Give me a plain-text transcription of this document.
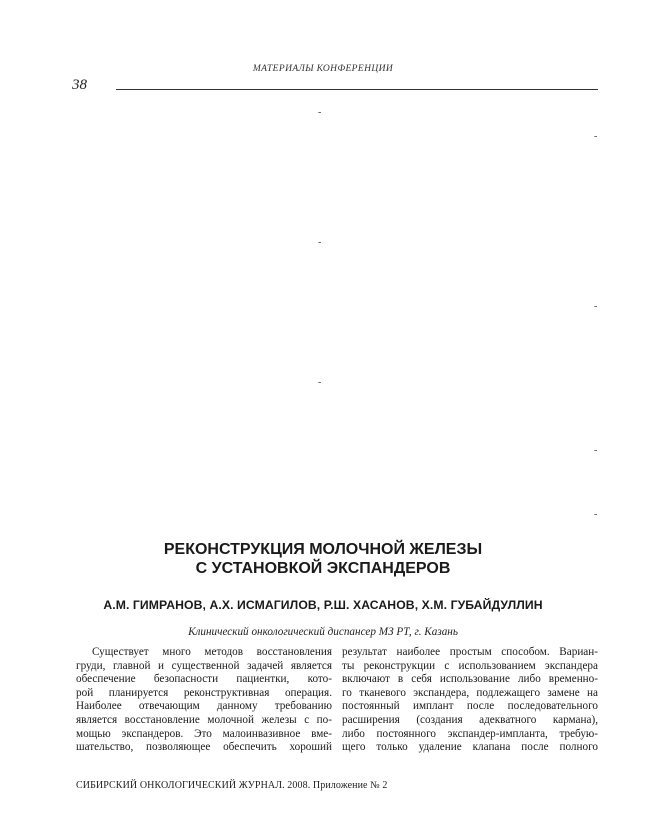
МАТЕРИАЛЫ КОНФЕРЕНЦИИ
38
-
-
-
-
-
-
-
РЕКОНСТРУКЦИЯ МОЛОЧНОЙ ЖЕЛЕЗЫ
С УСТАНОВКОЙ ЭКСПАНДЕРОВ
А.М. ГИМРАНОВ, А.Х. ИСМАГИЛОВ, Р.Ш. ХАСАНОВ, Х.М. ГУБАЙДУЛЛИН
Клинический онкологический диспансер МЗ РТ, г. Казань
Существует много методов восстановления
груди, главной и существенной задачей является
обеспечение безопасности пациентки, кото-
рой планируется реконструктивная операция.
Наиболее отвечающим данному требованию
является восстановление молочной железы с по-
мощью экспандеров. Это малоинвазивное вме-
шательство, позволяющее обеспечить хороший
результат наиболее простым способом. Вариан-
ты реконструкции с использованием экспандера
включают в себя использование либо временно-
го тканевого экспандера, подлежащего замене на
постоянный имплант после последовательного
расширения (создания адекватного кармана),
либо постоянного экспандер-импланта, требую-
щего только удаление клапана после полного
СИБИРСКИЙ ОНКОЛОГИЧЕСКИЙ ЖУРНАЛ. 2008. Приложение № 2
